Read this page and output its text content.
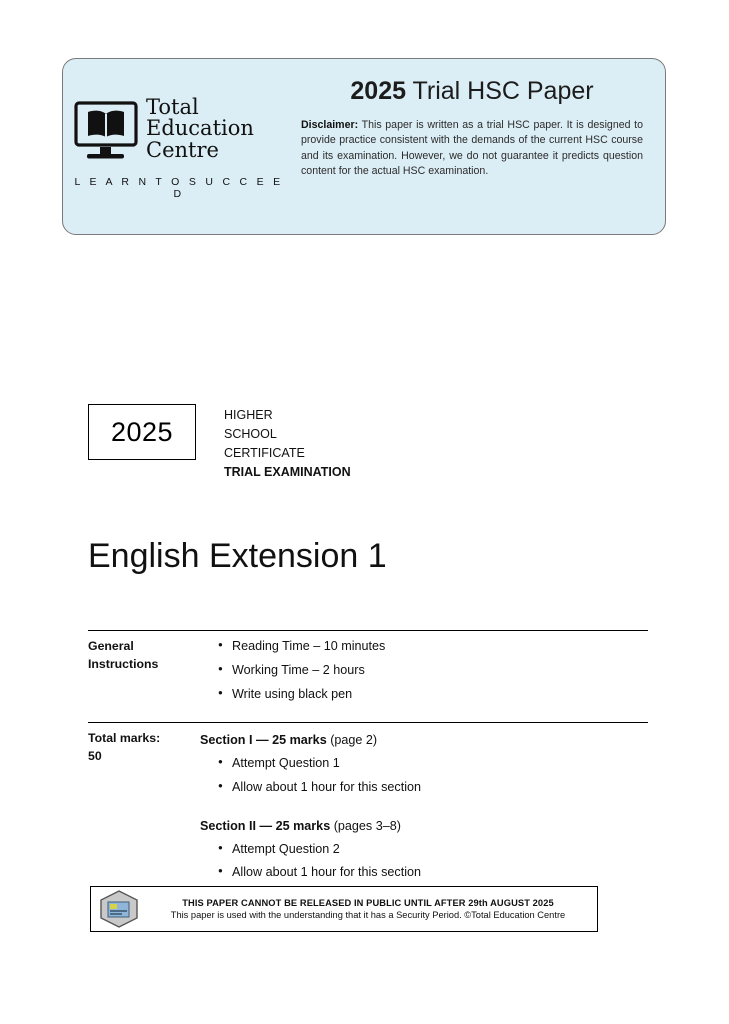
Total
Education
Centre
L E A R N T O S U C C E E D
2025 Trial HSC Paper
Disclaimer: This paper is written as a trial HSC paper. It is designed to provide practice consistent with the demands of the current HSC course and its examination. However, we do not guarantee it predicts question content for the actual HSC examination.
2025
HIGHER
SCHOOL
CERTIFICATE
TRIAL EXAMINATION
English Extension 1
General
Instructions
● Reading Time – 10 minutes
● Working Time – 2 hours
● Write using black pen
Total marks:
50
Section I — 25 marks (page 2)
● Attempt Question 1
● Allow about 1 hour for this section
Section II — 25 marks (pages 3–8)
● Attempt Question 2
● Allow about 1 hour for this section
THIS PAPER CANNOT BE RELEASED IN PUBLIC UNTIL AFTER 29th AUGUST 2025
This paper is used with the understanding that it has a Security Period. ©Total Education Centre
